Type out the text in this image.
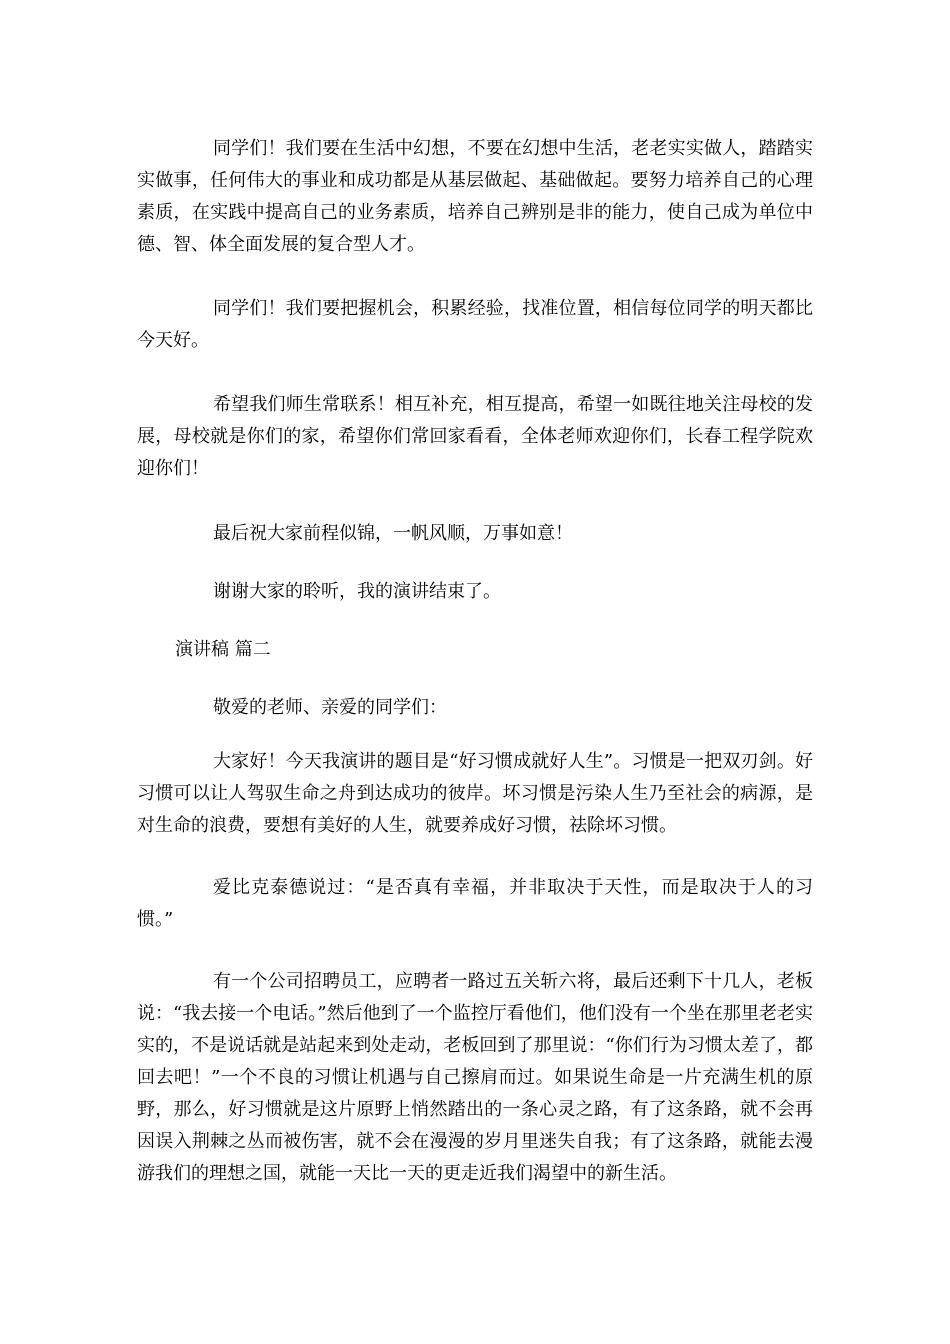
同学们！我们要在生活中幻想，不要在幻想中生活，老老实实做人，踏踏实实做事，任何伟大的事业和成功都是从基层做起、基础做起。要努力培养自己的心理素质，在实践中提高自己的业务素质，培养自己辨别是非的能力，使自己成为单位中德、智、体全面发展的复合型人才。

同学们！我们要把握机会，积累经验，找准位置，相信每位同学的明天都比今天好。

希望我们师生常联系！相互补充，相互提高，希望一如既往地关注母校的发展，母校就是你们的家，希望你们常回家看看，全体老师欢迎你们，长春工程学院欢迎你们！

最后祝大家前程似锦，一帆风顺，万事如意！

谢谢大家的聆听，我的演讲结束了。

演讲稿 篇二

敬爱的老师、亲爱的同学们：

大家好！今天我演讲的题目是“好习惯成就好人生”。习惯是一把双刃剑。好习惯可以让人驾驭生命之舟到达成功的彼岸。坏习惯是污染人生乃至社会的病源，是对生命的浪费，要想有美好的人生，就要养成好习惯，祛除坏习惯。

爱比克泰德说过：“是否真有幸福，并非取决于天性，而是取决于人的习惯。”

有一个公司招聘员工，应聘者一路过五关斩六将，最后还剩下十几人，老板说：“我去接一个电话。”然后他到了一个监控厅看他们，他们没有一个坐在那里老老实实的，不是说话就是站起来到处走动，老板回到了那里说：“你们行为习惯太差了，都回去吧！”一个不良的习惯让机遇与自己擦肩而过。如果说生命是一片充满生机的原野，那么，好习惯就是这片原野上悄然踏出的一条心灵之路，有了这条路，就不会再因误入荆棘之丛而被伤害，就不会在漫漫的岁月里迷失自我；有了这条路，就能去漫游我们的理想之国，就能一天比一天的更走近我们渴望中的新生活。
